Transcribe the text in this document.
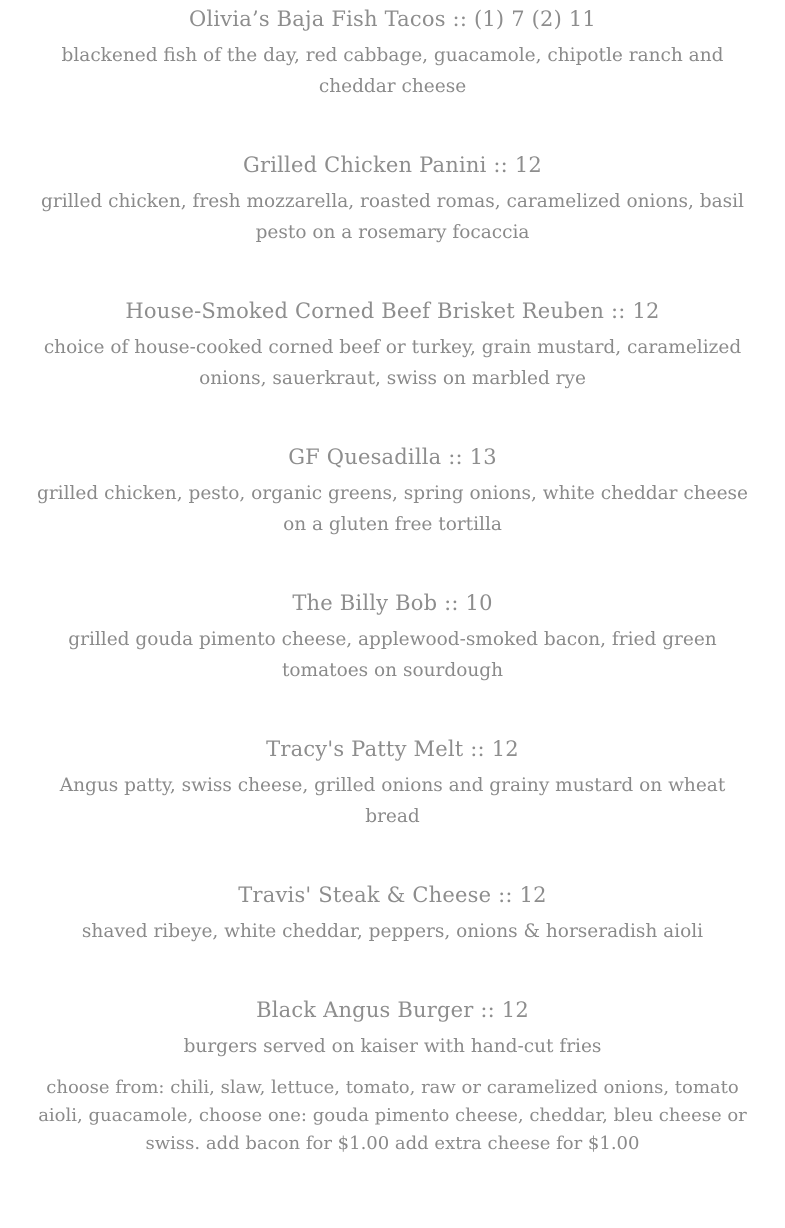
Olivia’s Baja Fish Tacos :: (1) 7 (2) 11

blackened fish of the day, red cabbage, guacamole, chipotle ranch and cheddar cheese

Grilled Chicken Panini :: 12

grilled chicken, fresh mozzarella, roasted romas, caramelized onions, basil pesto on a rosemary focaccia

House-Smoked Corned Beef Brisket Reuben :: 12

choice of house-cooked corned beef or turkey, grain mustard, caramelized onions, sauerkraut, swiss on marbled rye

GF Quesadilla :: 13

grilled chicken, pesto, organic greens, spring onions, white cheddar cheese on a gluten free tortilla

The Billy Bob :: 10

grilled gouda pimento cheese, applewood-smoked bacon, fried green tomatoes on sourdough

Tracy's Patty Melt :: 12

Angus patty, swiss cheese, grilled onions and grainy mustard on wheat bread

Travis' Steak & Cheese :: 12

shaved ribeye, white cheddar, peppers, onions & horseradish aioli

Black Angus Burger :: 12

burgers served on kaiser with hand-cut fries

choose from: chili, slaw, lettuce, tomato, raw or caramelized onions, tomato aioli, guacamole, choose one: gouda pimento cheese, cheddar, bleu cheese or swiss. add bacon for $1.00 add extra cheese for $1.00
